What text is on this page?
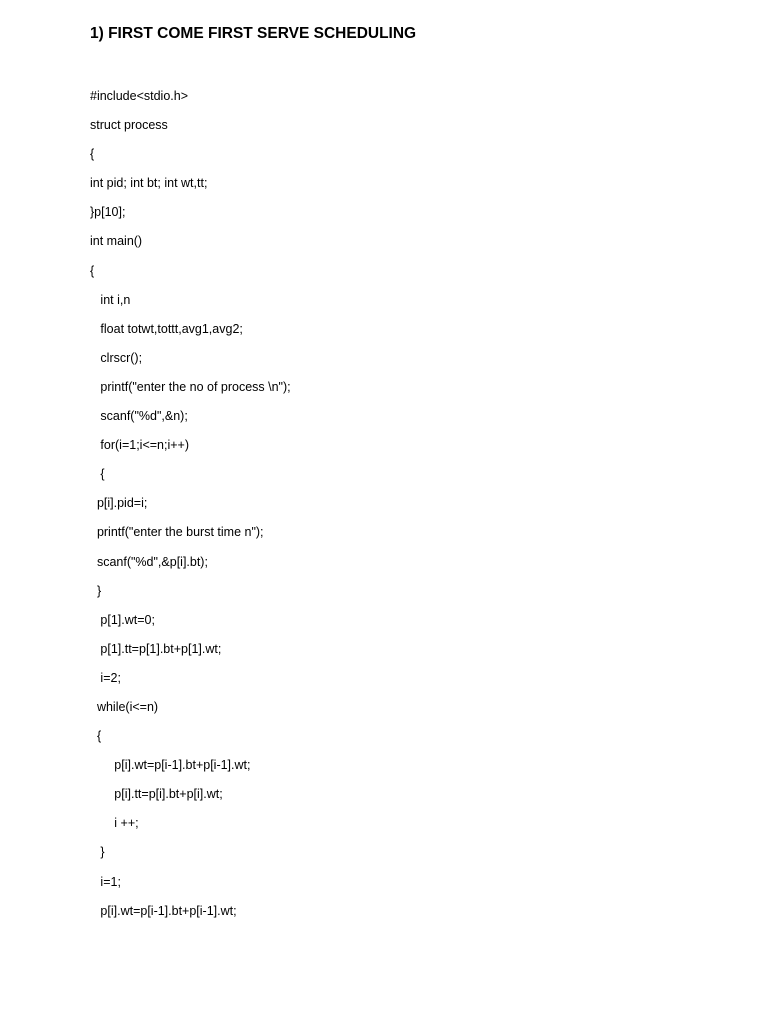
1) FIRST COME FIRST SERVE SCHEDULING
#include<stdio.h>
struct process
{
int pid; int bt; int wt,tt;
}p[10];
int main()
{
int i,n
float totwt,tottt,avg1,avg2;
clrscr();
printf("enter the no of process \n");
scanf("%d",&n);
for(i=1;i<=n;i++)
{
p[i].pid=i;
printf("enter the burst time n");
scanf("%d",&p[i].bt);
}
p[1].wt=0;
p[1].tt=p[1].bt+p[1].wt;
i=2;
while(i<=n)
{
p[i].wt=p[i-1].bt+p[i-1].wt;
p[i].tt=p[i].bt+p[i].wt;
i ++;
}
i=1;
p[i].wt=p[i-1].bt+p[i-1].wt;
